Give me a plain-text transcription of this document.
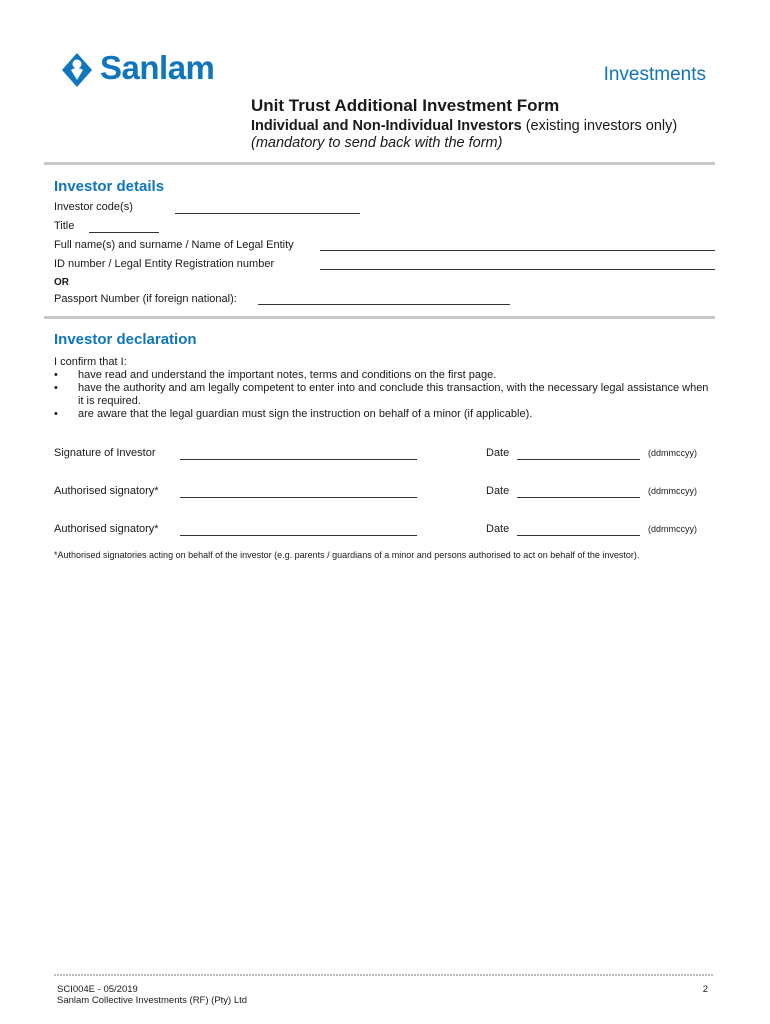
Sanlam	Investments
Unit Trust Additional Investment Form
Individual and Non-Individual Investors (existing investors only)
(mandatory to send back with the form)
Investor details
Investor code(s)
Title
Full name(s) and surname / Name of Legal Entity
ID number / Legal Entity Registration number
OR
Passport Number (if foreign national):
Investor declaration
I confirm that I:
• have read and understand the important notes, terms and conditions on the first page.
• have the authority and am legally competent to enter into and conclude this transaction, with the necessary legal assistance when it is required.
• are aware that the legal guardian must sign the instruction on behalf of a minor (if applicable).
Signature of Investor	Date	(ddmmccyy)
Authorised signatory*	Date	(ddmmccyy)
Authorised signatory*	Date	(ddmmccyy)
*Authorised signatories acting on behalf of the investor (e.g. parents / guardians of a minor and persons authorised to act on behalf of the investor).
SCI004E - 05/2019
Sanlam Collective Investments (RF) (Pty) Ltd
2
